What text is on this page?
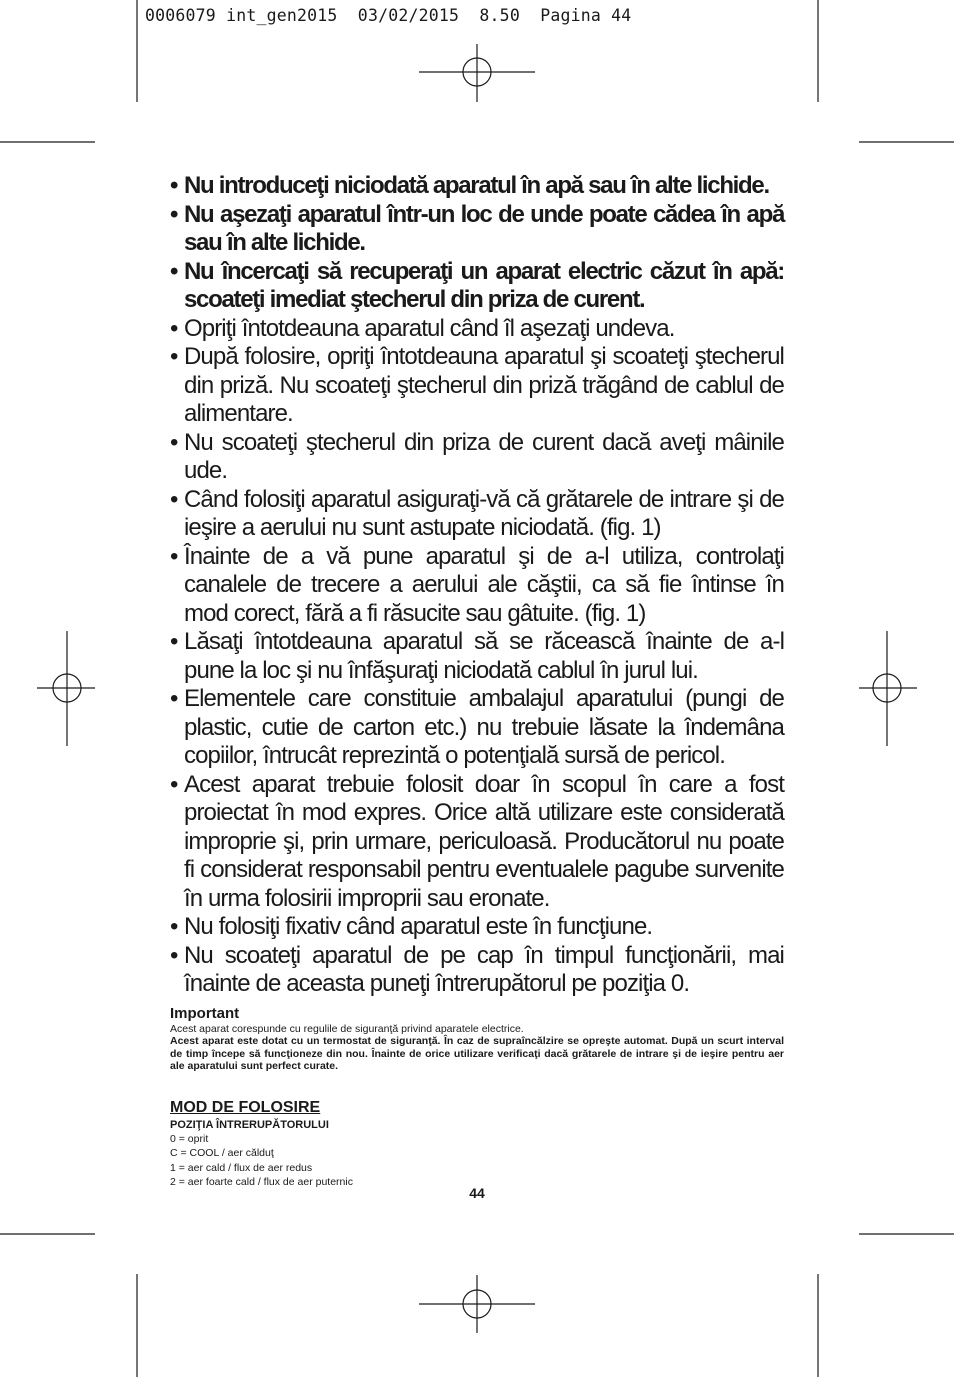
0006079 int_gen2015  03/02/2015  8.50  Pagina 44
• Nu introduceţi niciodată aparatul în apă sau în alte lichide.
• Nu aşezaţi aparatul într-un loc de unde poate cădea în apă sau în alte lichide.
• Nu încercaţi să recuperaţi un aparat electric căzut în apă: scoateţi imediat ştecherul din priza de curent.
• Opriţi întotdeauna aparatul când îl aşezaţi undeva.
• După folosire, opriţi întotdeauna aparatul şi scoateţi ştecherul din priză. Nu scoateţi ştecherul din priză trăgând de cablul de alimentare.
• Nu scoateţi ştecherul din priza de curent dacă aveţi mâinile ude.
• Când folosiţi aparatul asiguraţi-vă că grătarele de intrare şi de ieşire a aerului nu sunt astupate niciodată. (fig. 1)
• Înainte de a vă pune aparatul şi de a-l utiliza, controlaţi canalele de trecere a aerului ale căştii, ca să fie întinse în mod corect, fără a fi răsucite sau gâtuite. (fig. 1)
• Lăsaţi întotdeauna aparatul să se răcească înainte de a-l pune la loc şi nu înfăşuraţi niciodată cablul în jurul lui.
• Elementele care constituie ambalajul aparatului (pungi de plastic, cutie de carton etc.) nu trebuie lăsate la îndemâna copiilor, întrucât reprezintă o potenţială sursă de pericol.
• Acest aparat trebuie folosit doar în scopul în care a fost proiectat în mod expres. Orice altă utilizare este considerată improprie şi, prin urmare, periculoasă. Producătorul nu poate fi considerat responsabil pentru eventualele pagube survenite în urma folosirii improprii sau eronate.
• Nu folosiţi fixativ când aparatul este în funcţiune.
• Nu scoateţi aparatul de pe cap în timpul funcţionării, mai înainte de aceasta puneţi întrerupătorul pe poziţia 0.

Important

Acest aparat corespunde cu regulile de siguranţă privind aparatele electrice.

Acest aparat este dotat cu un termostat de siguranţă. În caz de supraîncălzire se opreşte automat. După un scurt interval de timp începe să funcţioneze din nou. Înainte de orice utilizare verificaţi dacă grătarele de intrare şi de ieşire pentru aer ale aparatului sunt perfect curate.

MOD DE FOLOSIRE

POZIŢIA ÎNTRERUPĂTORULUI

0 = oprit

C = COOL / aer călduţ

1 = aer cald / flux de aer redus

2 = aer foarte cald / flux de aer puternic

44
